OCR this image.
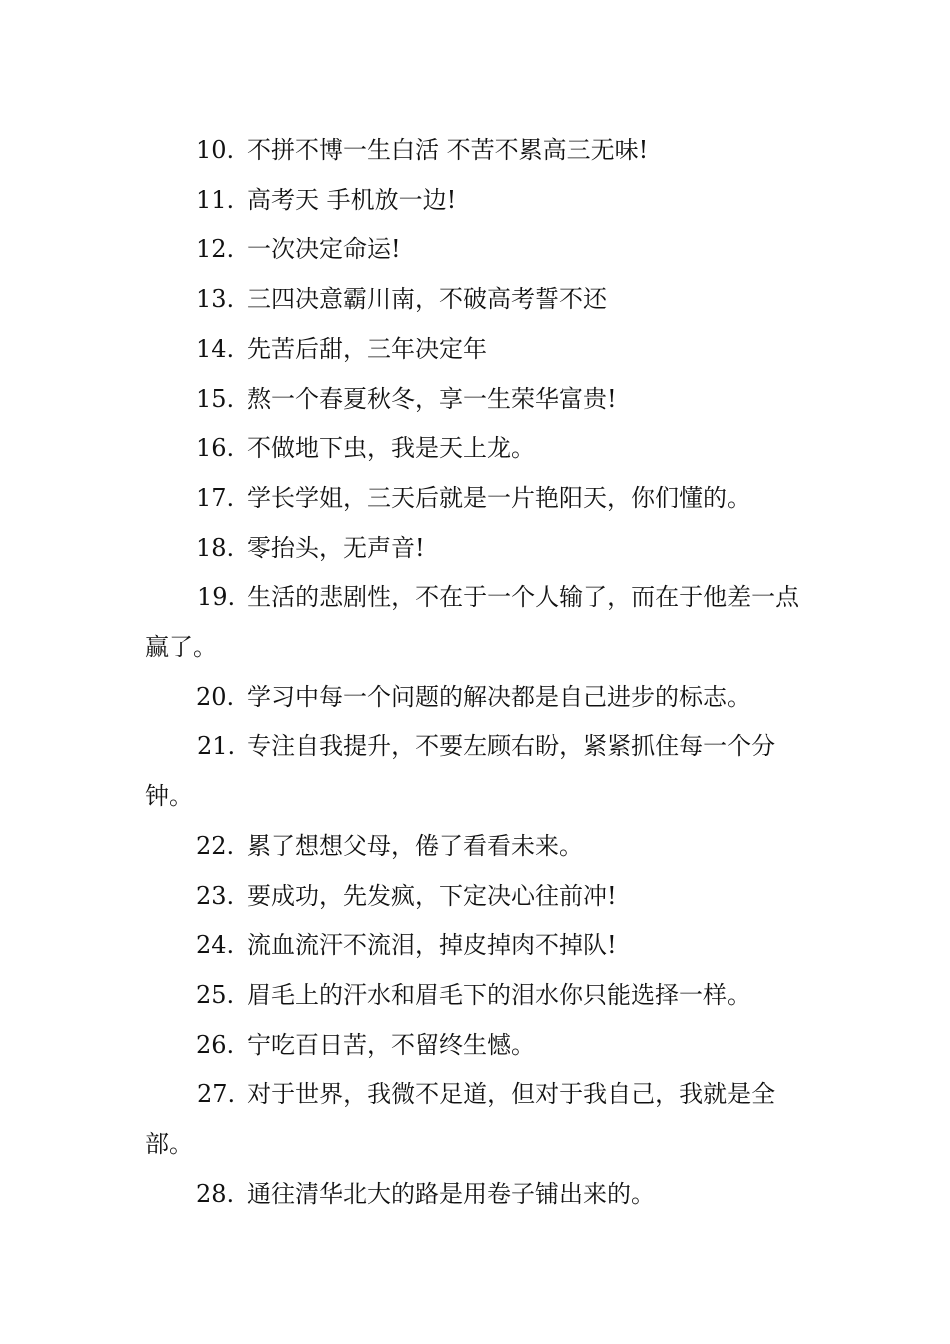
10. 不拼不博一生白活 不苦不累高三无味!

11. 高考天 手机放一边!

12. 一次决定命运!

13. 三四决意霸川南，不破高考誓不还

14. 先苦后甜，三年决定年

15. 熬一个春夏秋冬，享一生荣华富贵!

16. 不做地下虫，我是天上龙。

17. 学长学姐，三天后就是一片艳阳天，你们懂的。

18. 零抬头，无声音!

19. 生活的悲剧性，不在于一个人输了，而在于他差一点赢了。

20. 学习中每一个问题的解决都是自己进步的标志。

21. 专注自我提升，不要左顾右盼，紧紧抓住每一个分钟。

22. 累了想想父母，倦了看看未来。

23. 要成功，先发疯，下定决心往前冲!

24. 流血流汗不流泪，掉皮掉肉不掉队!

25. 眉毛上的汗水和眉毛下的泪水你只能选择一样。

26. 宁吃百日苦，不留终生憾。

27. 对于世界，我微不足道，但对于我自己，我就是全部。

28. 通往清华北大的路是用卷子铺出来的。
